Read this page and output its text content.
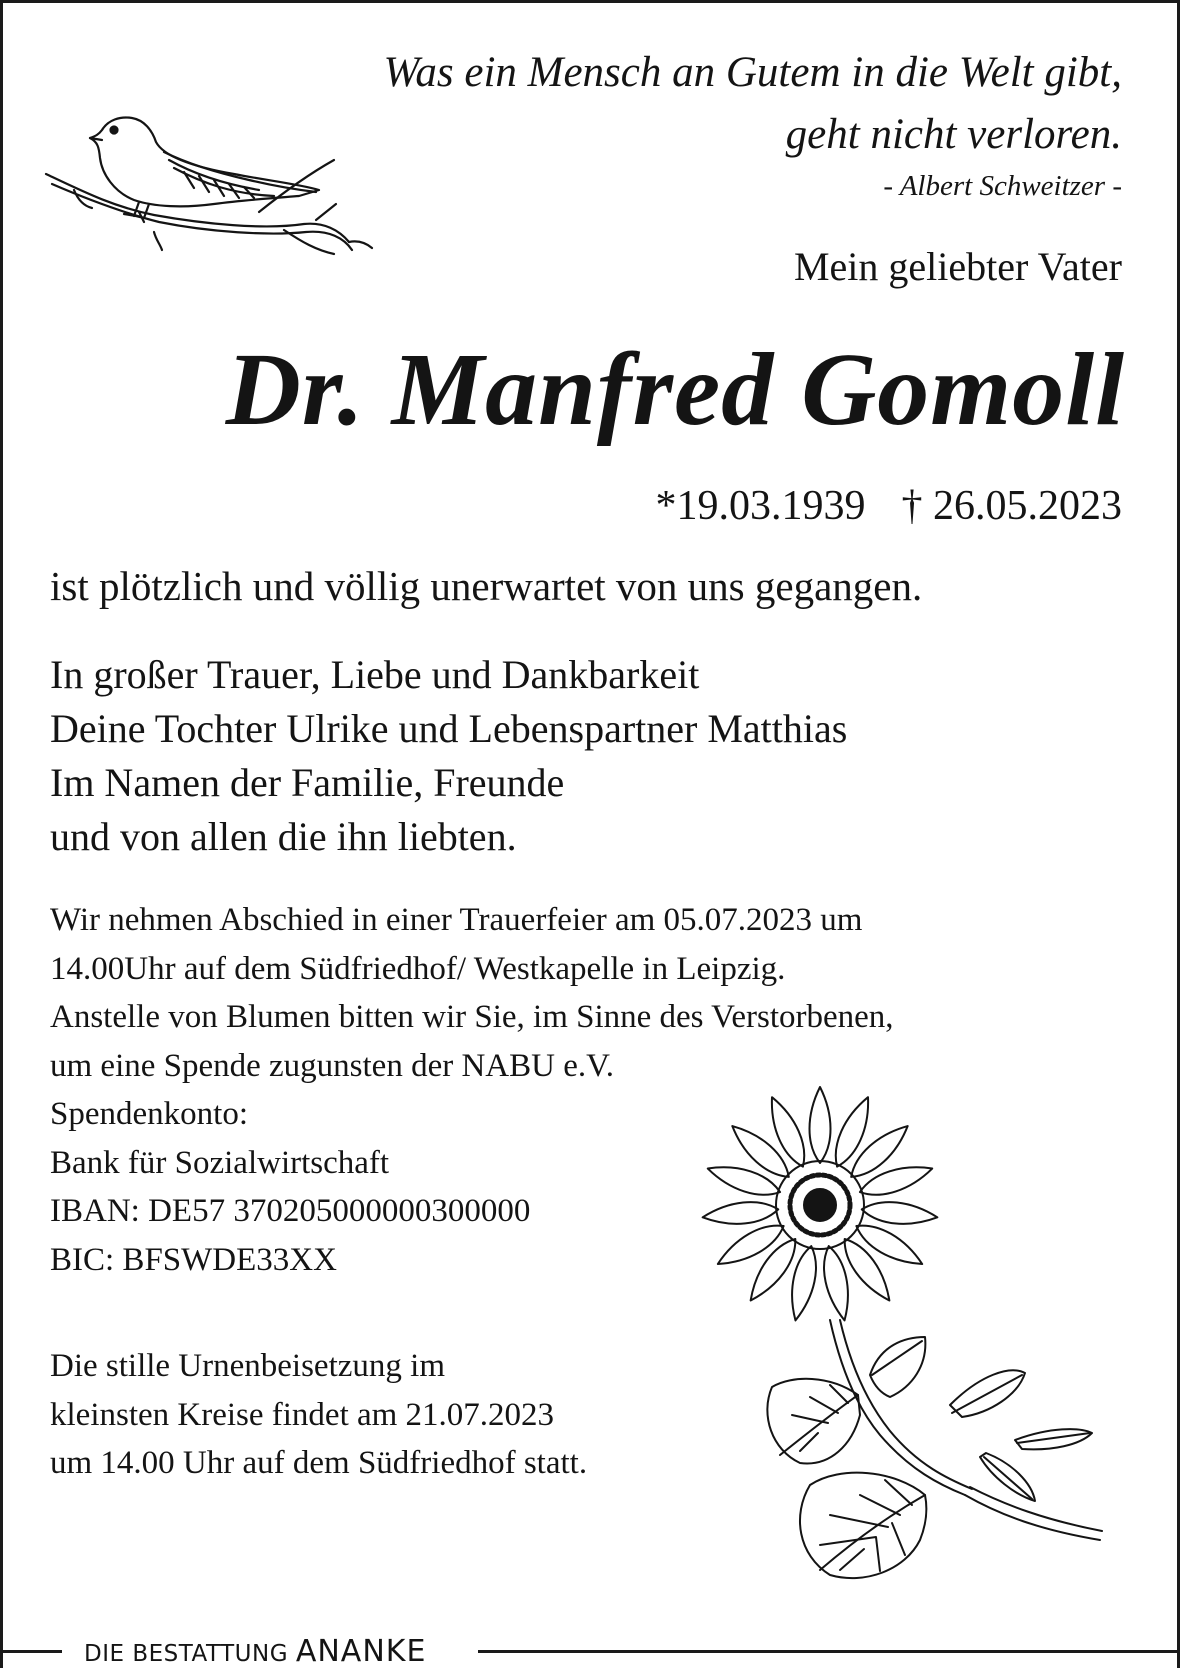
Was ein Mensch an Gutem in die Welt gibt,
geht nicht verloren.
- Albert Schweitzer -
Mein geliebter Vater
Dr. Manfred Gomoll
*19.03.1939 † 26.05.2023
ist plötzlich und völlig unerwartet von uns gegangen.
In großer Trauer, Liebe und Dankbarkeit
Deine Tochter Ulrike und Lebenspartner Matthias
Im Namen der Familie, Freunde
und von allen die ihn liebten.
Wir nehmen Abschied in einer Trauerfeier am 05.07.2023 um
14.00Uhr auf dem Südfriedhof/ Westkapelle in Leipzig.
Anstelle von Blumen bitten wir Sie, im Sinne des Verstorbenen,
um eine Spende zugunsten der NABU e.V.
Spendenkonto:
Bank für Sozialwirtschaft
IBAN: DE57 370205000000300000
BIC: BFSWDE33XX
Die stille Urnenbeisetzung im
kleinsten Kreise findet am 21.07.2023
um 14.00 Uhr auf dem Südfriedhof statt.
DIE BESTATTUNG ANANKE
